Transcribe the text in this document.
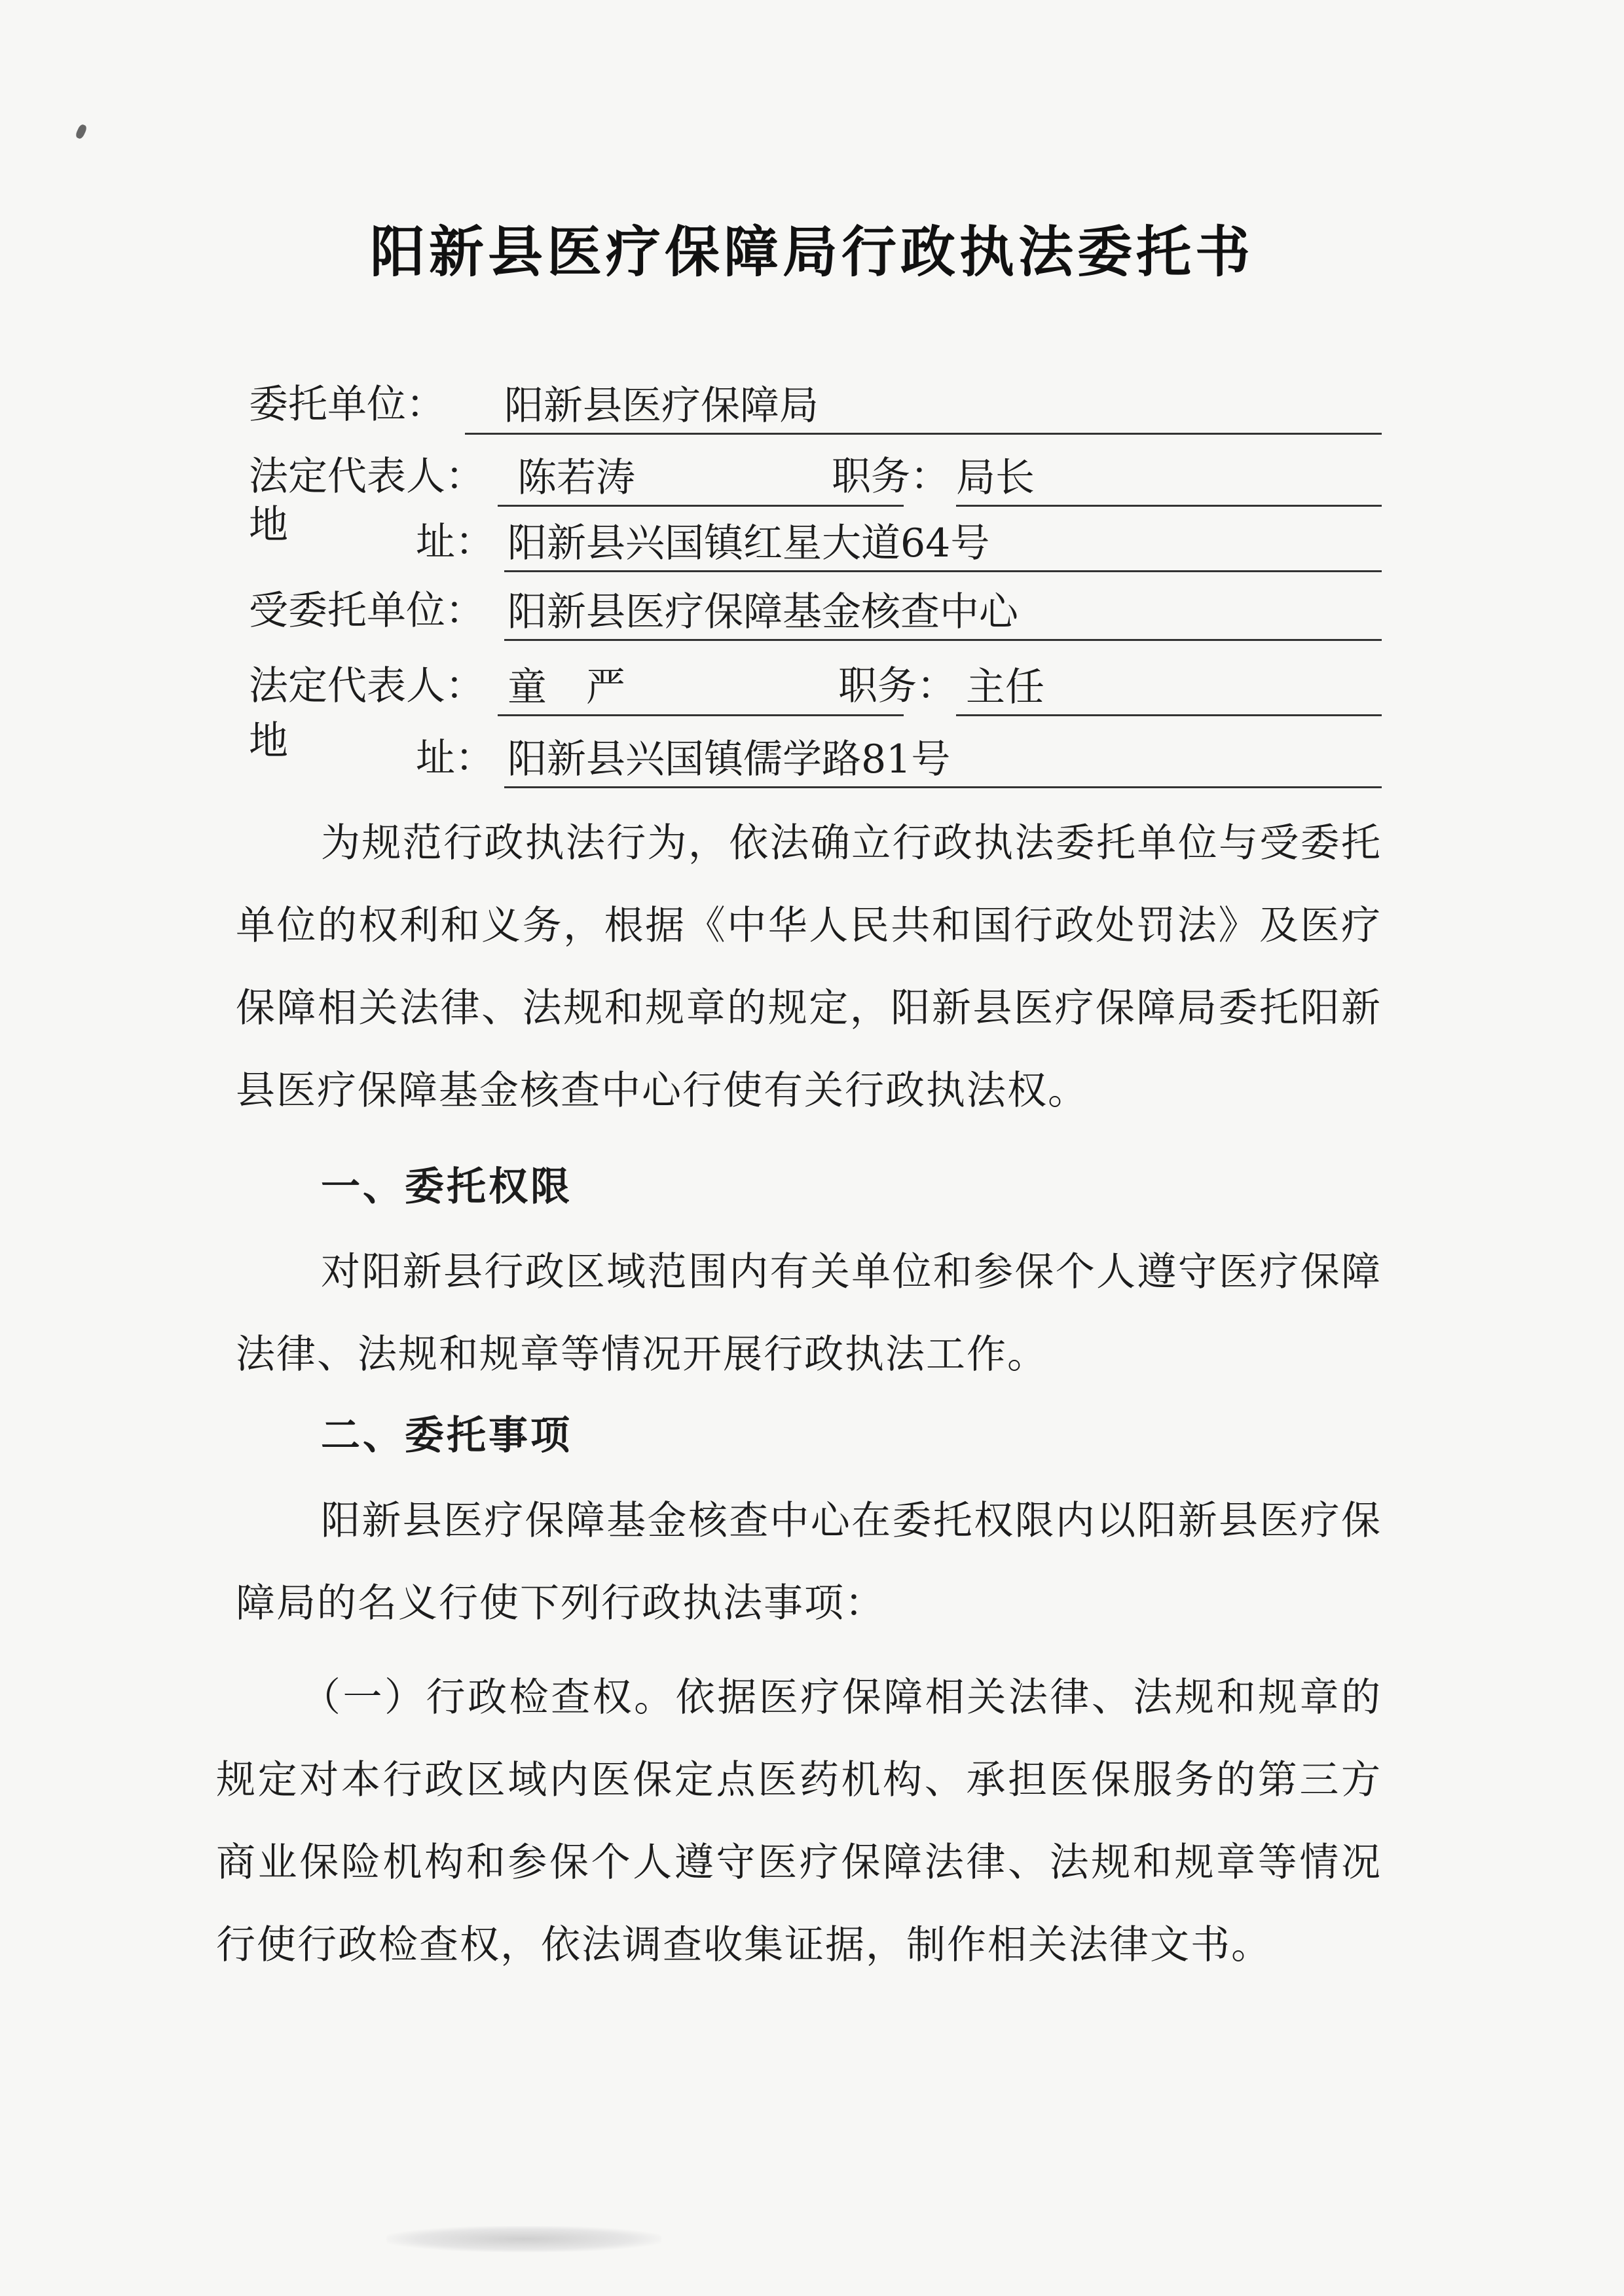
阳新县医疗保障局行政执法委托书
委托单位： 阳新县医疗保障局
法定代表人： 陈若涛	职务： 局长
地	址： 阳新县兴国镇红星大道64号
受委托单位： 阳新县医疗保障基金核查中心
法定代表人： 童　严	职务： 主任
地	址： 阳新县兴国镇儒学路81号
为规范行政执法行为，依法确立行政执法委托单位与受委托单位的权利和义务，根据《中华人民共和国行政处罚法》及医疗保障相关法律、法规和规章的规定，阳新县医疗保障局委托阳新县医疗保障基金核查中心行使有关行政执法权。
一、委托权限
对阳新县行政区域范围内有关单位和参保个人遵守医疗保障法律、法规和规章等情况开展行政执法工作。
二、委托事项
阳新县医疗保障基金核查中心在委托权限内以阳新县医疗保障局的名义行使下列行政执法事项：
（一）行政检查权。依据医疗保障相关法律、法规和规章的规定对本行政区域内医保定点医药机构、承担医保服务的第三方商业保险机构和参保个人遵守医疗保障法律、法规和规章等情况行使行政检查权，依法调查收集证据，制作相关法律文书。
